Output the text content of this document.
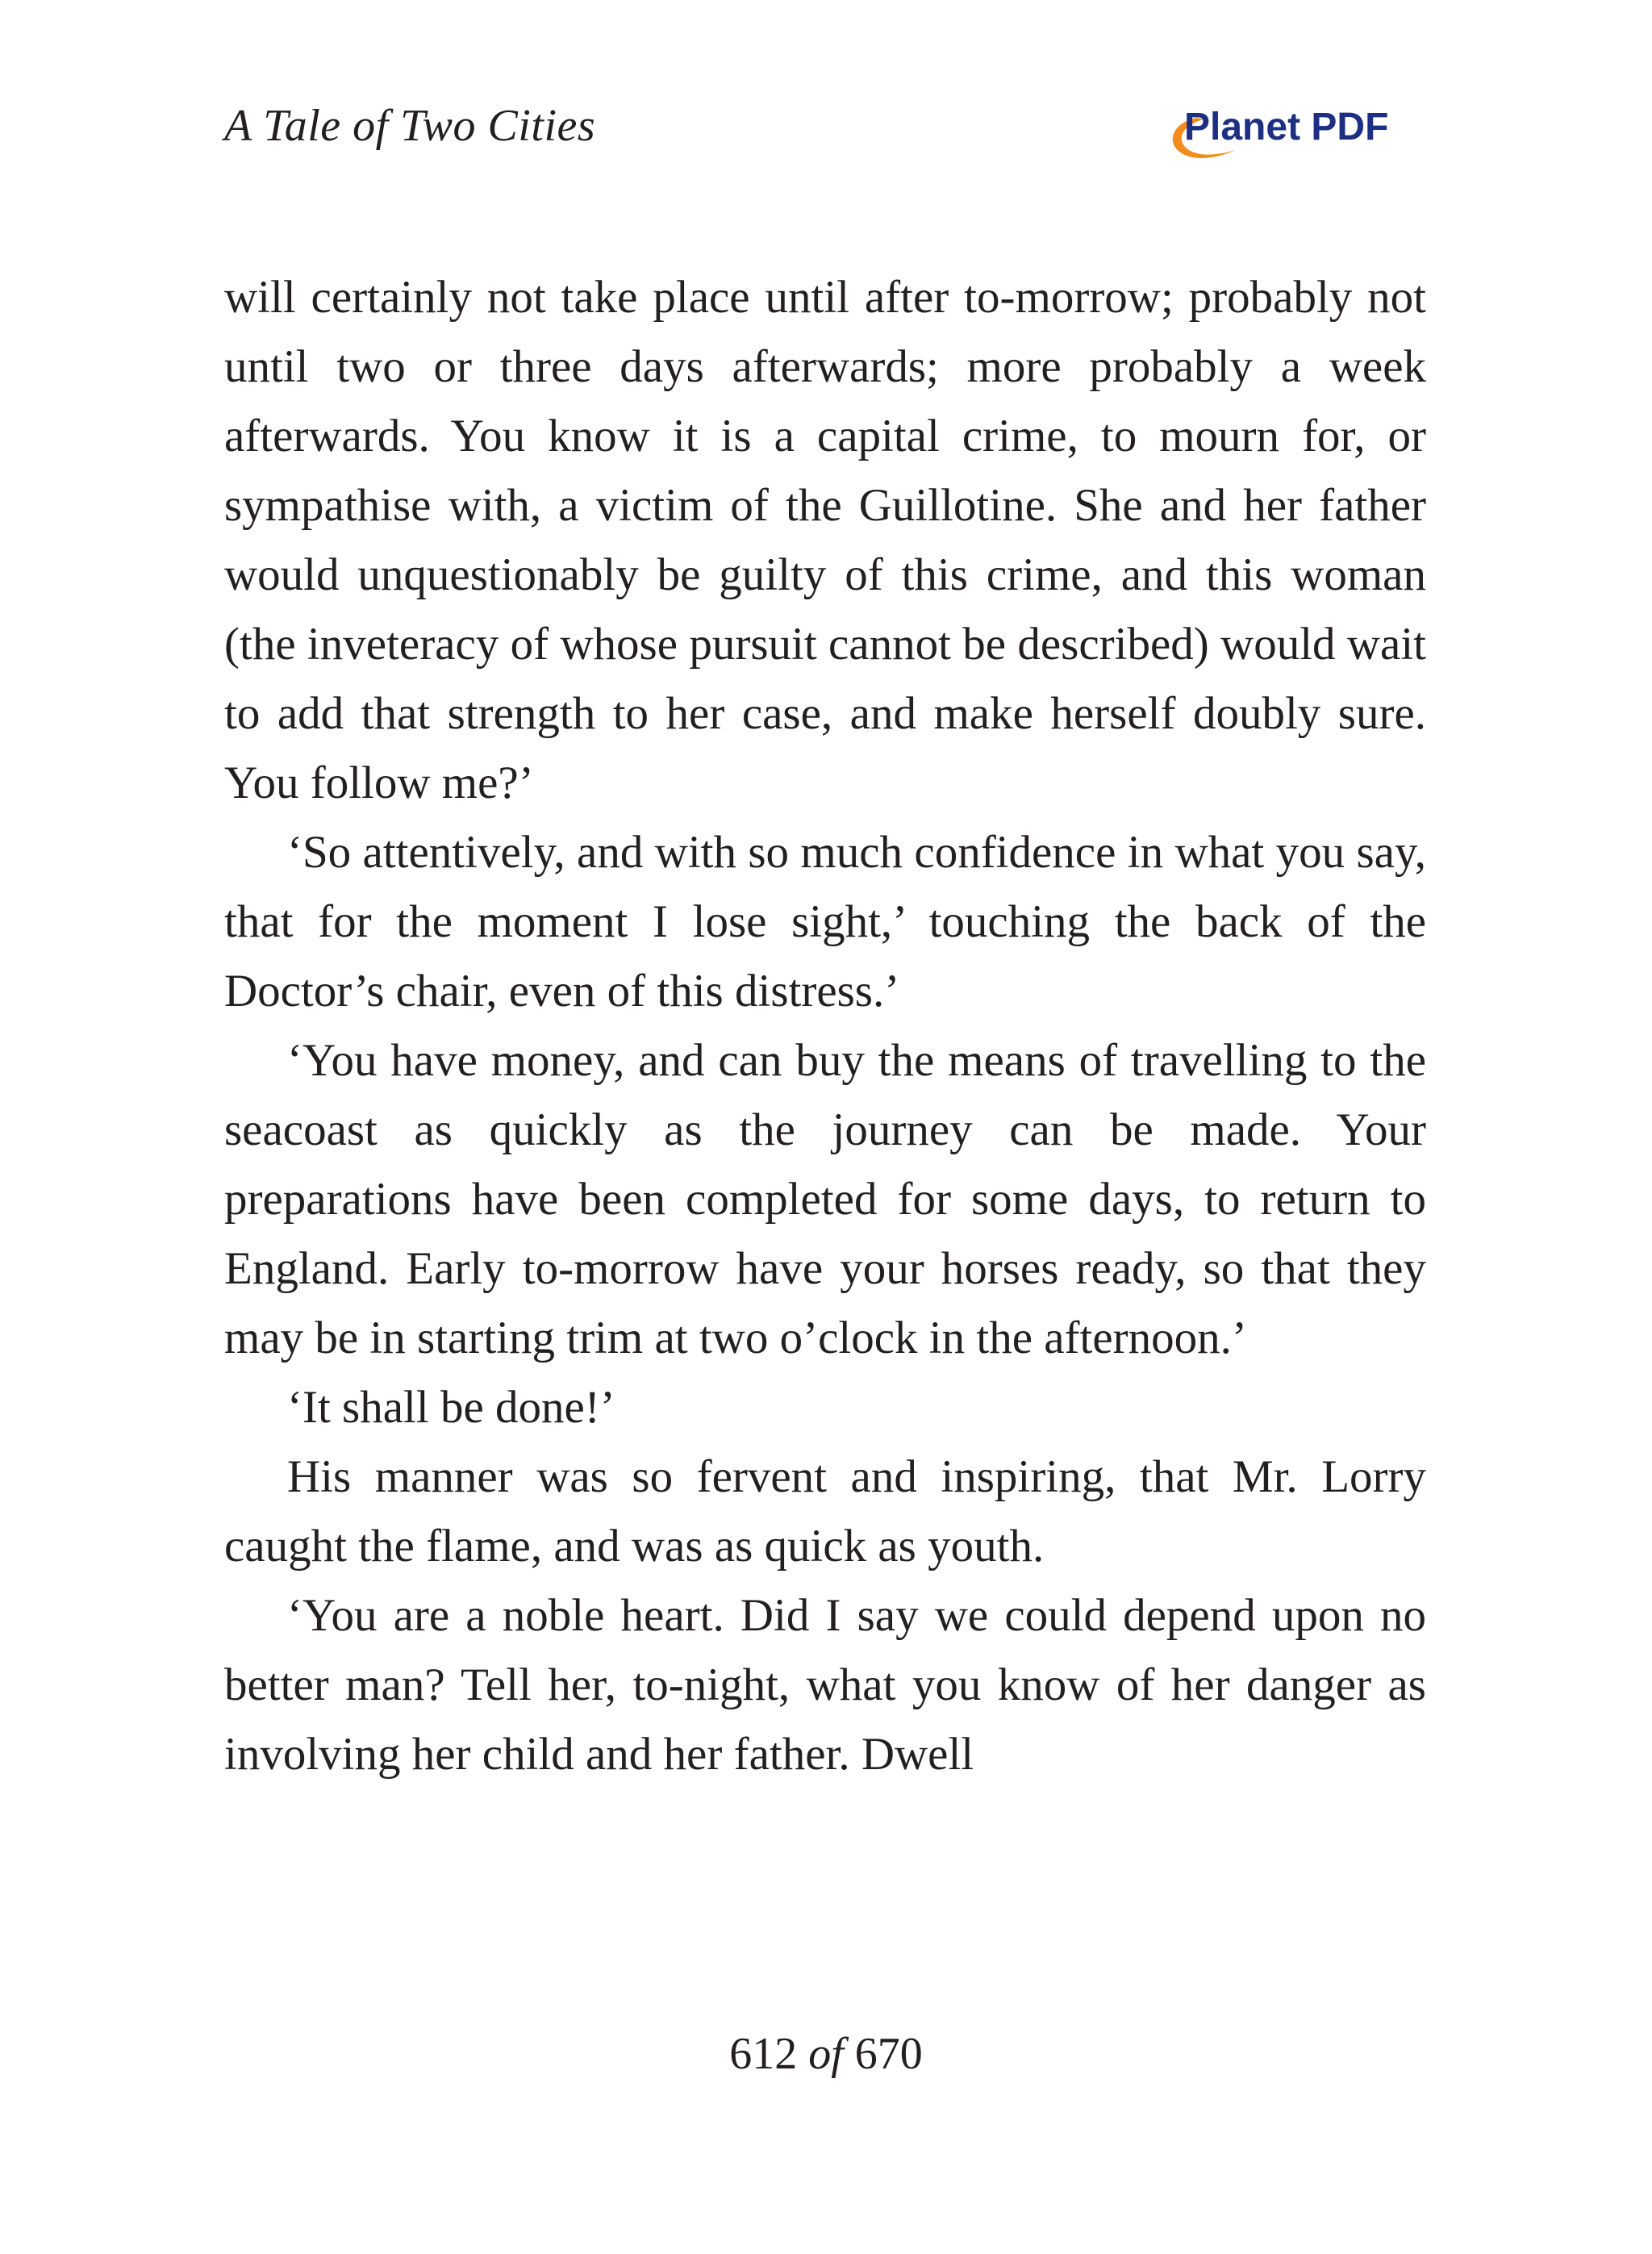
A Tale of Two Cities	Planet PDF

will certainly not take place until after to-morrow; probably not until two or three days afterwards; more probably a week afterwards. You know it is a capital crime, to mourn for, or sympathise with, a victim of the Guillotine. She and her father would unquestionably be guilty of this crime, and this woman (the inveteracy of whose pursuit cannot be described) would wait to add that strength to her case, and make herself doubly sure. You follow me?’

‘So attentively, and with so much confidence in what you say, that for the moment I lose sight,’ touching the back of the Doctor’s chair, even of this distress.’

‘You have money, and can buy the means of travelling to the seacoast as quickly as the journey can be made. Your preparations have been completed for some days, to return to England. Early to-morrow have your horses ready, so that they may be in starting trim at two o’clock in the afternoon.’

‘It shall be done!’

His manner was so fervent and inspiring, that Mr. Lorry caught the flame, and was as quick as youth.

‘You are a noble heart. Did I say we could depend upon no better man? Tell her, to-night, what you know of her danger as involving her child and her father. Dwell

612 of 670
